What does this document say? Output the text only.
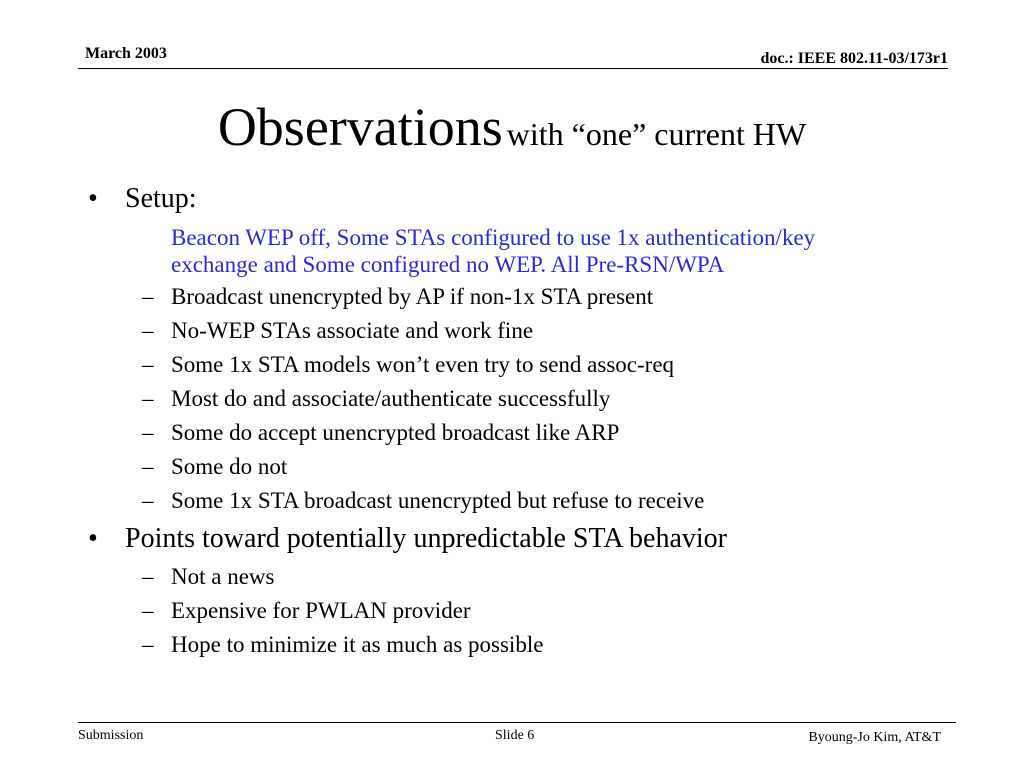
March 2003	doc.: IEEE 802.11-03/173r1
Observations with “one” current HW
• Setup:
Beacon WEP off, Some STAs configured to use 1x authentication/key
exchange and Some configured no WEP. All Pre-RSN/WPA
– Broadcast unencrypted by AP if non-1x STA present
– No-WEP STAs associate and work fine
– Some 1x STA models won’t even try to send assoc-req
– Most do and associate/authenticate successfully
– Some do accept unencrypted broadcast like ARP
– Some do not
– Some 1x STA broadcast unencrypted but refuse to receive
• Points toward potentially unpredictable STA behavior
– Not a news
– Expensive for PWLAN provider
– Hope to minimize it as much as possible
Submission	Slide 6	Byoung-Jo Kim, AT&T
